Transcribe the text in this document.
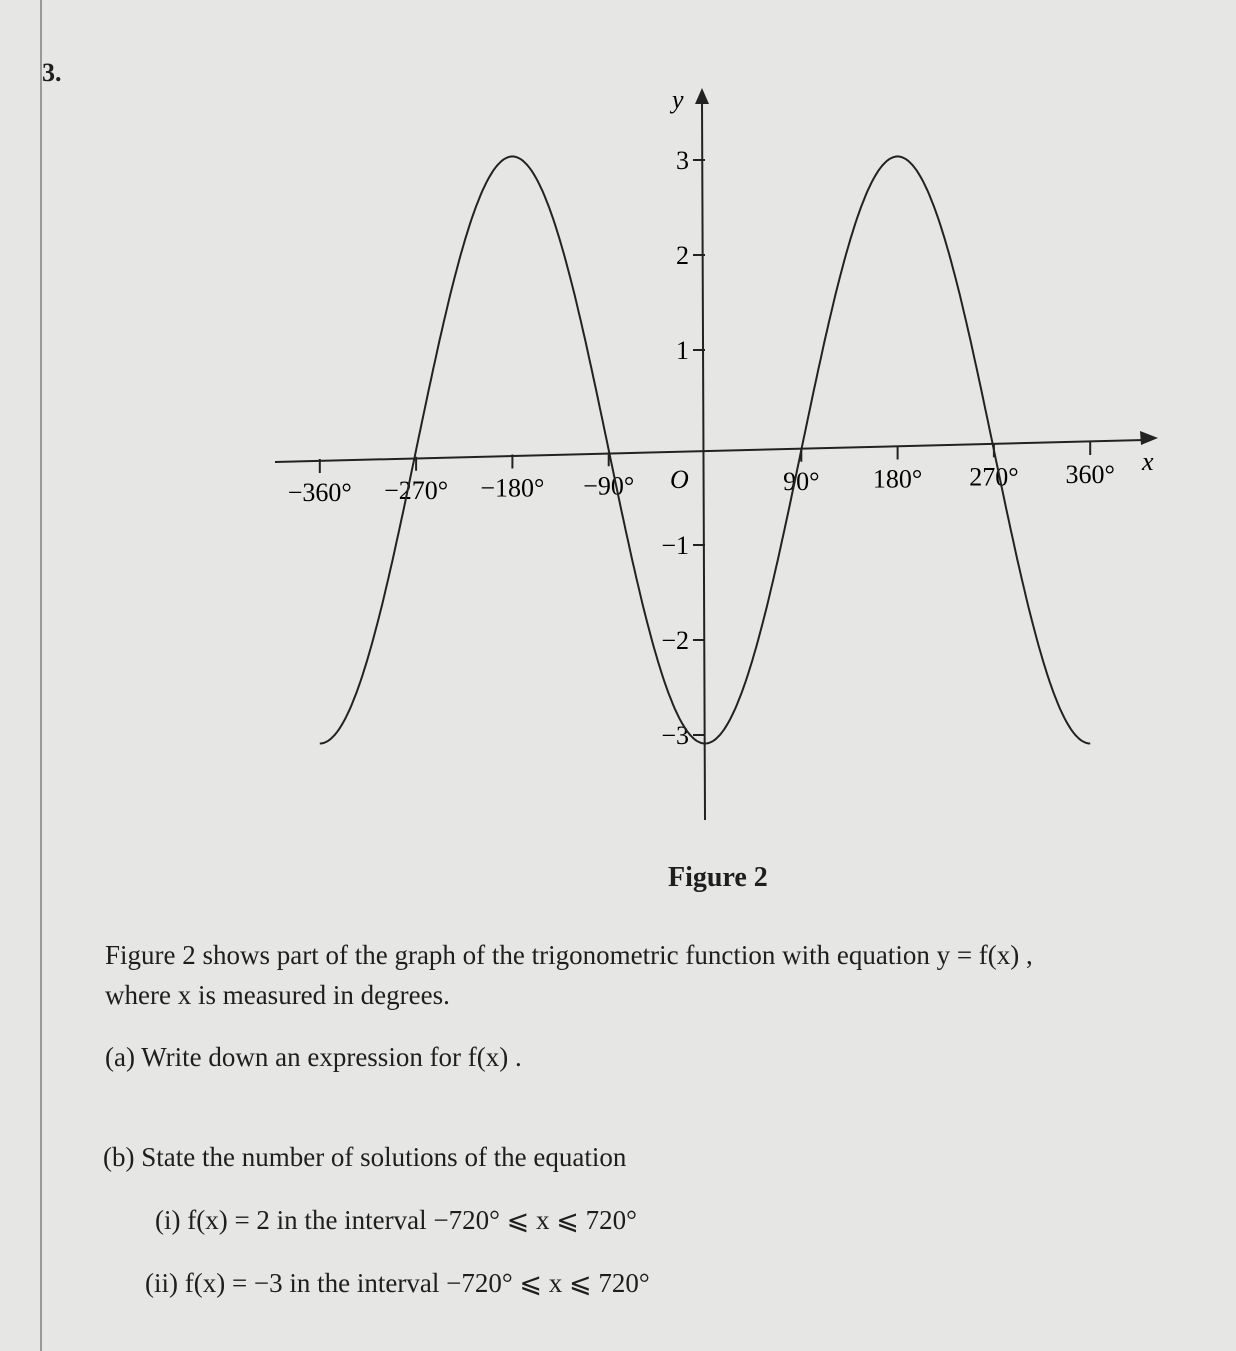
3.
x
y
O
−360° −270° −180° −90°	90° 180° 270° 360°
3
2
1
−1
−2
−3
Figure 2
Figure 2 shows part of the graph of the trigonometric function with equation y = f(x) ,
where x is measured in degrees.
(a) Write down an expression for f(x) .
(b) State the number of solutions of the equation
(i) f(x) = 2 in the interval −720° ⩽ x ⩽ 720°
(ii) f(x) = −3 in the interval −720° ⩽ x ⩽ 720°
